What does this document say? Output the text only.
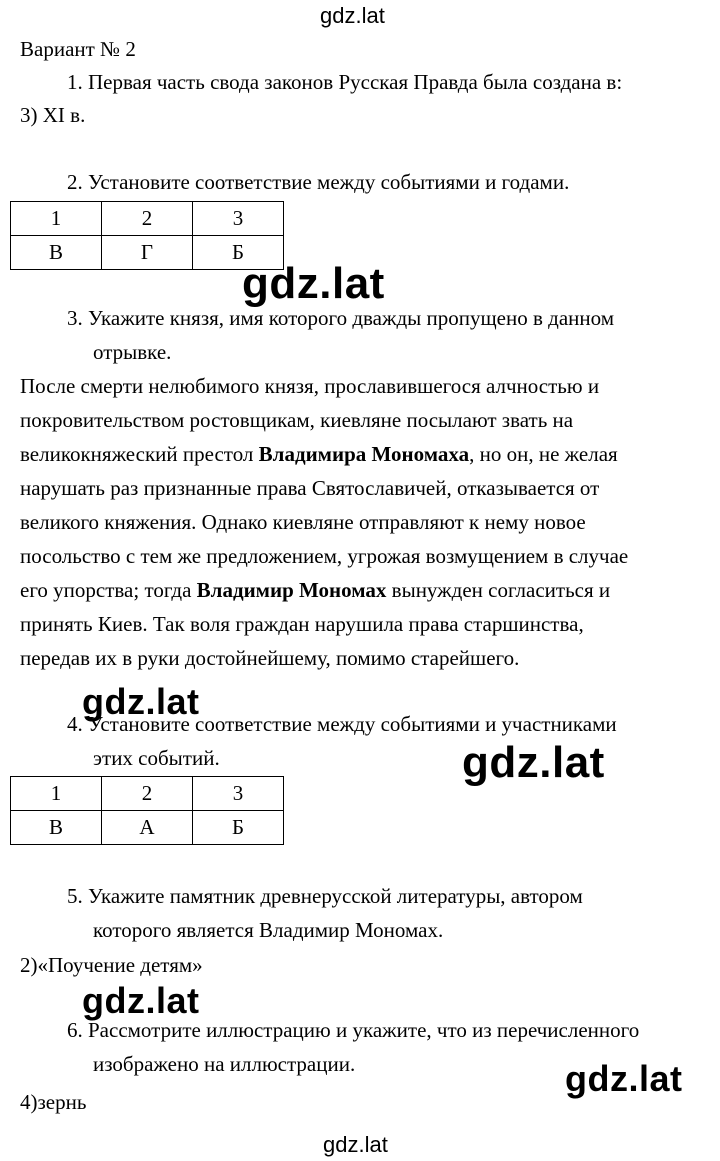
gdz.lat
gdz.lat
Вариант № 2
1. Первая часть свода законов Русская Правда была создана в:
3) XI в.
2. Установите соответствие между событиями и годами.
1	2	3
В	Г	Б
gdz.lat
3. Укажите князя, имя которого дважды пропущено в данном
отрывке.
После смерти нелюбимого князя, прославившегося алчностью и
покровительством ростовщикам, киевляне посылают звать на
великокняжеский престол Владимира Мономаха, но он, не желая
нарушать раз признанные права Святославичей, отказывается от
великого княжения. Однако киевляне отправляют к нему новое
посольство с тем же предложением, угрожая возмущением в случае
его упорства; тогда Владимир Мономах вынужден согласиться и
принять Киев. Так воля граждан нарушила права старшинства,
передав их в руки достойнейшему, помимо старейшего.
gdz.lat
4. Установите соответствие между событиями и участниками
этих событий.	gdz.lat
1	2	3
В	А	Б
5. Укажите памятник древнерусской литературы, автором
которого является Владимир Мономах.
2)«Поучение детям»
gdz.lat
6. Рассмотрите иллюстрацию и укажите, что из перечисленного
изображено на иллюстрации.	gdz.lat
4)зернь
